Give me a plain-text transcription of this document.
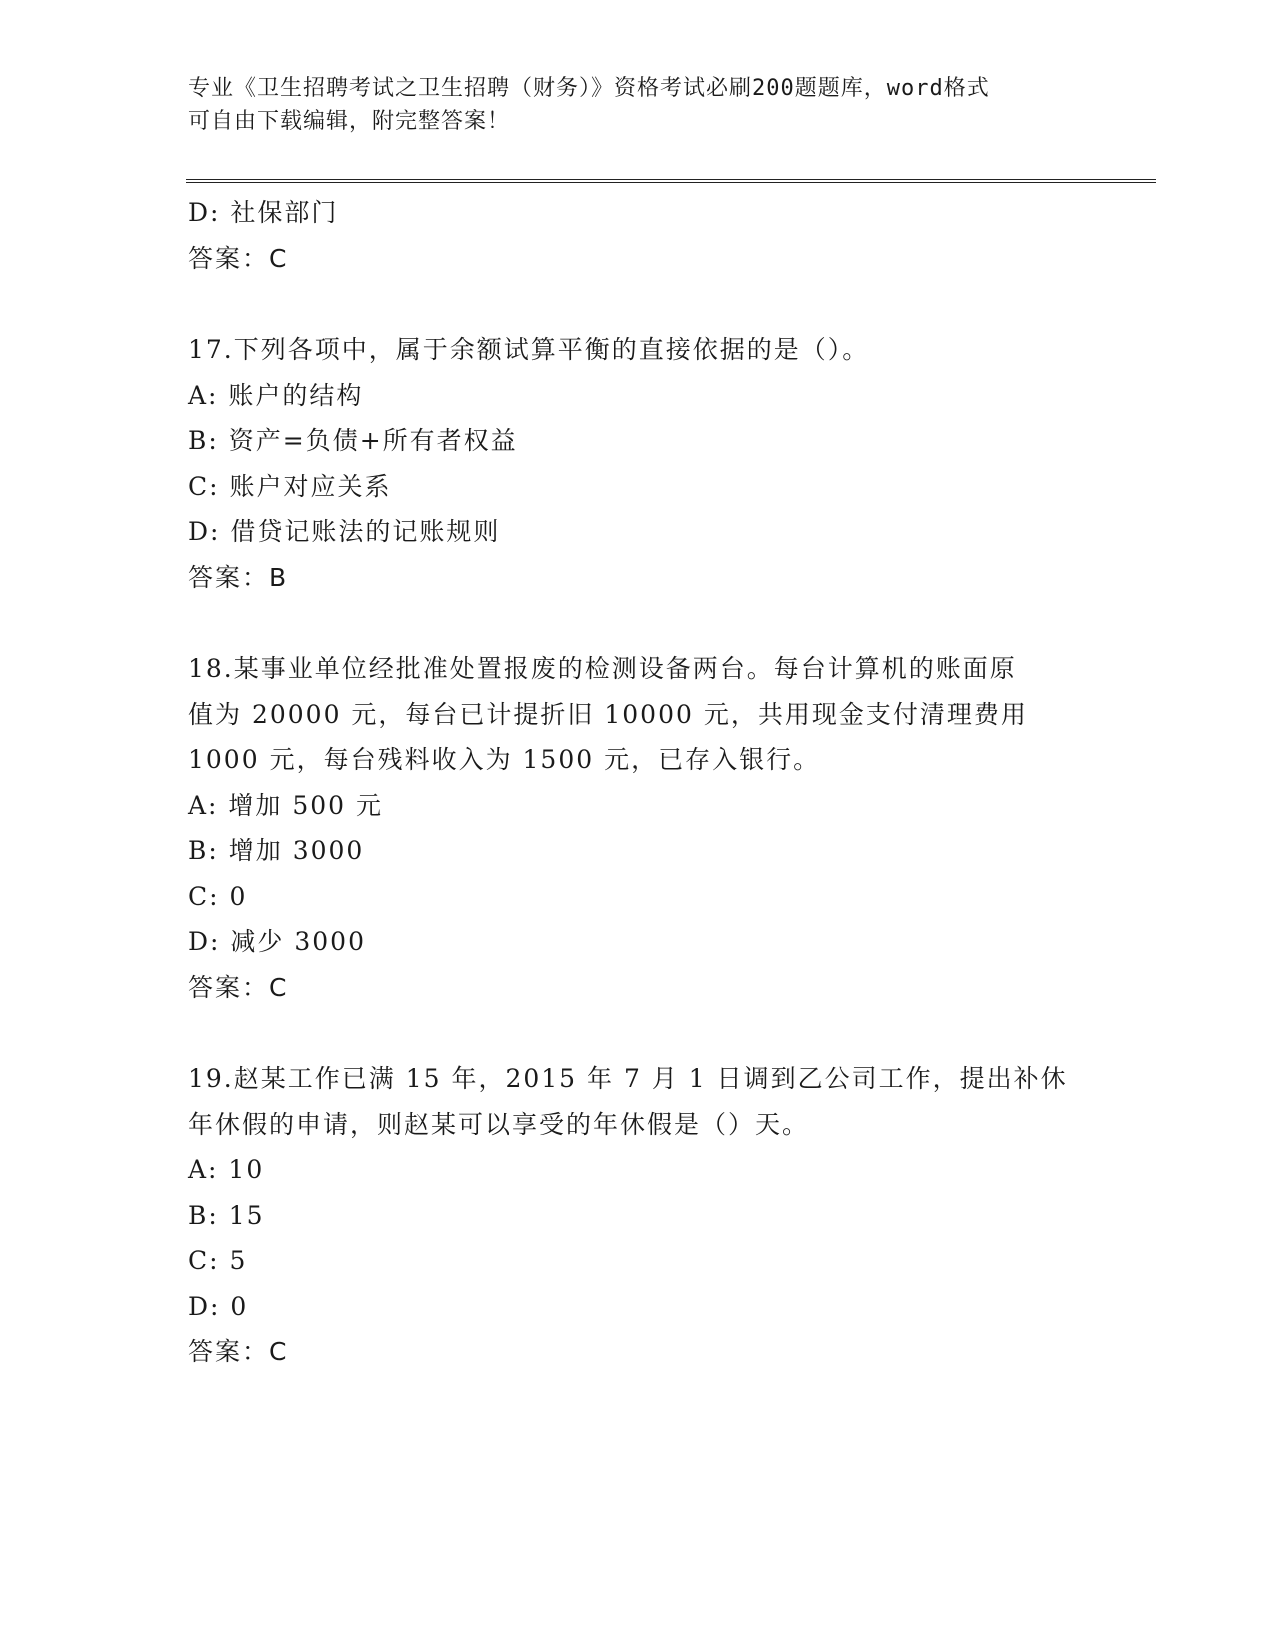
专业《卫生招聘考试之卫生招聘（财务）》资格考试必刷200题题库，word格式
可自由下载编辑，附完整答案！
D: 社保部门
答案：C
17.下列各项中，属于余额试算平衡的直接依据的是（）。
A: 账户的结构
B: 资产=负债+所有者权益
C: 账户对应关系
D: 借贷记账法的记账规则
答案：B
18.某事业单位经批准处置报废的检测设备两台。每台计算机的账面原
值为 20000 元，每台已计提折旧 10000 元，共用现金支付清理费用
1000 元，每台残料收入为 1500 元，已存入银行。
A: 增加 500 元
B: 增加 3000
C: 0
D: 减少 3000
答案：C
19.赵某工作已满 15 年，2015 年 7 月 1 日调到乙公司工作，提出补休
年休假的申请，则赵某可以享受的年休假是（）天。
A: 10
B: 15
C: 5
D: 0
答案：C
